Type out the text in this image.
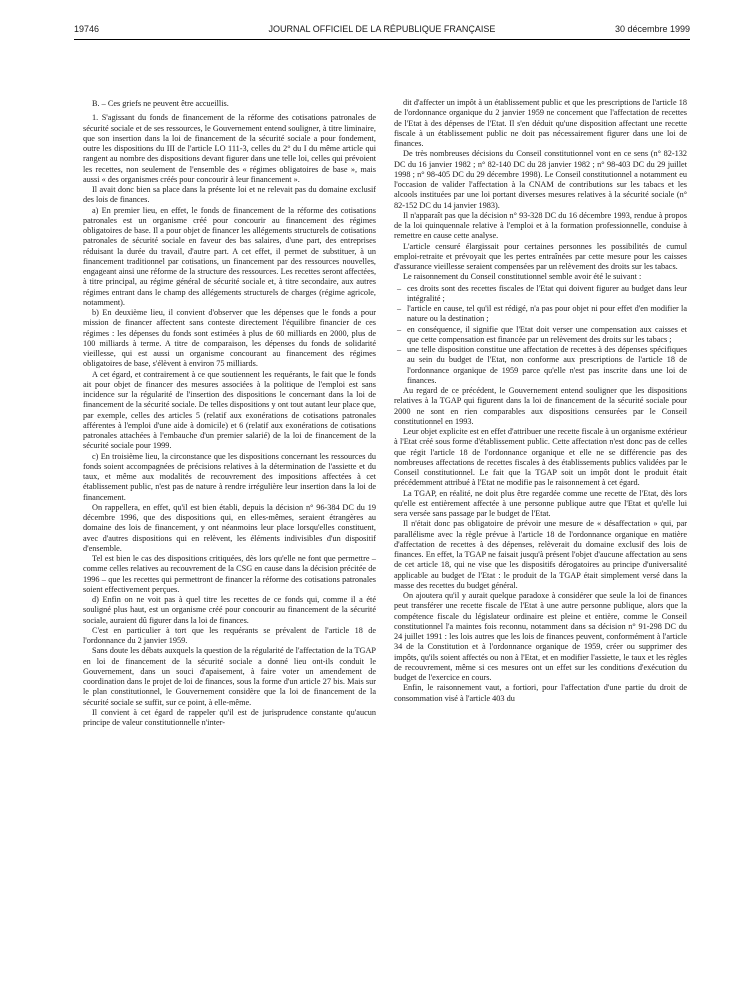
19746	JOURNAL OFFICIEL DE LA RÉPUBLIQUE FRANÇAISE	30 décembre 1999

B. – Ces griefs ne peuvent être accueillis.

1. S'agissant du fonds de financement de la réforme des cotisations patronales de sécurité sociale et de ses ressources, le Gouvernement entend souligner, à titre liminaire, que son insertion dans la loi de financement de la sécurité sociale a pour fondement, outre les dispositions du III de l'article LO 111-3, celles du 2° du I du même article qui rangent au nombre des dispositions devant figurer dans une telle loi, celles qui prévoient les recettes, non seulement de l'ensemble des « régimes obligatoires de base », mais aussi « des organismes créés pour concourir à leur financement ».

Il avait donc bien sa place dans la présente loi et ne relevait pas du domaine exclusif des lois de finances.

a) En premier lieu, en effet, le fonds de financement de la réforme des cotisations patronales est un organisme créé pour concourir au financement des régimes obligatoires de base. Il a pour objet de financer les allégements structurels de cotisations patronales de sécurité sociale en faveur des bas salaires, d'une part, des entreprises réduisant la durée du travail, d'autre part. A cet effet, il permet de substituer, à un financement traditionnel par cotisations, un financement par des ressources nouvelles, engageant ainsi une réforme de la structure des ressources. Les recettes seront affectées, à titre principal, au régime général de sécurité sociale et, à titre secondaire, aux autres régimes entrant dans le champ des allégements structurels de charges (régime agricole, notamment).

b) En deuxième lieu, il convient d'observer que les dépenses que le fonds a pour mission de financer affectent sans conteste directement l'équilibre financier de ces régimes : les dépenses du fonds sont estimées à plus de 60 milliards en 2000, plus de 100 milliards à terme. A titre de comparaison, les dépenses du fonds de solidarité vieillesse, qui est aussi un organisme concourant au financement des régimes obligatoires de base, s'élèvent à environ 75 milliards.

A cet égard, et contrairement à ce que soutiennent les requérants, le fait que le fonds ait pour objet de financer des mesures associées à la politique de l'emploi est sans incidence sur la régularité de l'insertion des dispositions le concernant dans la loi de financement de la sécurité sociale. De telles dispositions y ont tout autant leur place que, par exemple, celles des articles 5 (relatif aux exonérations de cotisations patronales afférentes à l'emploi d'une aide à domicile) et 6 (relatif aux exonérations de cotisations patronales attachées à l'embauche d'un premier salarié) de la loi de financement de la sécurité sociale pour 1999.

c) En troisième lieu, la circonstance que les dispositions concernant les ressources du fonds soient accompagnées de précisions relatives à la détermination de l'assiette et du taux, et même aux modalités de recouvrement des impositions affectées à cet établissement public, n'est pas de nature à rendre irrégulière leur insertion dans la loi de financement.

On rappellera, en effet, qu'il est bien établi, depuis la décision n° 96-384 DC du 19 décembre 1996, que des dispositions qui, en elles-mêmes, seraient étrangères au domaine des lois de financement, y ont néanmoins leur place lorsqu'elles constituent, avec d'autres dispositions qui en relèvent, les éléments indivisibles d'un dispositif d'ensemble.

Tel est bien le cas des dispositions critiquées, dès lors qu'elle ne font que permettre – comme celles relatives au recouvrement de la CSG en cause dans la décision précitée de 1996 – que les recettes qui permettront de financer la réforme des cotisations patronales soient effectivement perçues.

d) Enfin on ne voit pas à quel titre les recettes de ce fonds qui, comme il a été souligné plus haut, est un organisme créé pour concourir au financement de la sécurité sociale, auraient dû figurer dans la loi de finances.

C'est en particulier à tort que les requérants se prévalent de l'article 18 de l'ordonnance du 2 janvier 1959.

Sans doute les débats auxquels la question de la régularité de l'affectation de la TGAP en loi de financement de la sécurité sociale a donné lieu ont-ils conduit le Gouvernement, dans un souci d'apaisement, à faire voter un amendement de coordination dans le projet de loi de finances, sous la forme d'un article 27 bis. Mais sur le plan constitutionnel, le Gouvernement considère que la loi de financement de la sécurité sociale se suffit, sur ce point, à elle-même.

Il convient à cet égard de rappeler qu'il est de jurisprudence constante qu'aucun principe de valeur constitutionnelle n'inter-

dit d'affecter un impôt à un établissement public et que les prescriptions de l'article 18 de l'ordonnance organique du 2 janvier 1959 ne concernent que l'affectation de recettes de l'Etat à des dépenses de l'Etat. Il s'en déduit qu'une disposition affectant une recette fiscale à un établissement public ne doit pas nécessairement figurer dans une loi de finances.

De très nombreuses décisions du Conseil constitutionnel vont en ce sens (n° 82-132 DC du 16 janvier 1982 ; n° 82-140 DC du 28 janvier 1982 ; n° 98-403 DC du 29 juillet 1998 ; n° 98-405 DC du 29 décembre 1998). Le Conseil constitutionnel a notamment eu l'occasion de valider l'affectation à la CNAM de contributions sur les tabacs et les alcools instituées par une loi portant diverses mesures relatives à la sécurité sociale (n° 82-152 DC du 14 janvier 1983).

Il n'apparaît pas que la décision n° 93-328 DC du 16 décembre 1993, rendue à propos de la loi quinquennale relative à l'emploi et à la formation professionnelle, conduise à remettre en cause cette analyse.

L'article censuré élargissait pour certaines personnes les possibilités de cumul emploi-retraite et prévoyait que les pertes entraînées par cette mesure pour les caisses d'assurance vieillesse seraient compensées par un relèvement des droits sur les tabacs.

Le raisonnement du Conseil constitutionnel semble avoir été le suivant :

– ces droits sont des recettes fiscales de l'Etat qui doivent figurer au budget dans leur intégralité ;
– l'article en cause, tel qu'il est rédigé, n'a pas pour objet ni pour effet d'en modifier la nature ou la destination ;
– en conséquence, il signifie que l'Etat doit verser une compensation aux caisses et que cette compensation est financée par un relèvement des droits sur les tabacs ;
– une telle disposition constitue une affectation de recettes à des dépenses spécifiques au sein du budget de l'Etat, non conforme aux prescriptions de l'article 18 de l'ordonnance organique de 1959 parce qu'elle n'est pas inscrite dans une loi de finances.

Au regard de ce précédent, le Gouvernement entend souligner que les dispositions relatives à la TGAP qui figurent dans la loi de financement de la sécurité sociale pour 2000 ne sont en rien comparables aux dispositions censurées par le Conseil constitutionnel en 1993.

Leur objet explicite est en effet d'attribuer une recette fiscale à un organisme extérieur à l'Etat créé sous forme d'établissement public. Cette affectation n'est donc pas de celles que régit l'article 18 de l'ordonnance organique et elle ne se différencie pas des nombreuses affectations de recettes fiscales à des établissements publics validées par le Conseil constitutionnel. Le fait que la TGAP soit un impôt dont le produit était précédemment attribué à l'Etat ne modifie pas le raisonnement à cet égard.

La TGAP, en réalité, ne doit plus être regardée comme une recette de l'Etat, dès lors qu'elle est entièrement affectée à une personne publique autre que l'Etat et qu'elle lui sera versée sans passage par le budget de l'Etat.

Il n'était donc pas obligatoire de prévoir une mesure de « désaffectation » qui, par parallélisme avec la règle prévue à l'article 18 de l'ordonnance organique en matière d'affectation de recettes à des dépenses, relèverait du domaine exclusif des lois de finances. En effet, la TGAP ne faisait jusqu'à présent l'objet d'aucune affectation au sens de cet article 18, qui ne vise que les dispositifs dérogatoires au principe d'universalité applicable au budget de l'Etat : le produit de la TGAP était simplement versé dans la masse des recettes du budget général.

On ajoutera qu'il y aurait quelque paradoxe à considérer que seule la loi de finances peut transférer une recette fiscale de l'Etat à une autre personne publique, alors que la compétence fiscale du législateur ordinaire est pleine et entière, comme le Conseil constitutionnel l'a maintes fois reconnu, notamment dans sa décision n° 91-298 DC du 24 juillet 1991 : les lois autres que les lois de finances peuvent, conformément à l'article 34 de la Constitution et à l'ordonnance organique de 1959, créer ou supprimer des impôts, qu'ils soient affectés ou non à l'Etat, et en modifier l'assiette, le taux et les règles de recouvrement, même si ces mesures ont un effet sur les conditions d'exécution du budget de l'exercice en cours.

Enfin, le raisonnement vaut, a fortiori, pour l'affectation d'une partie du droit de consommation visé à l'article 403 du
